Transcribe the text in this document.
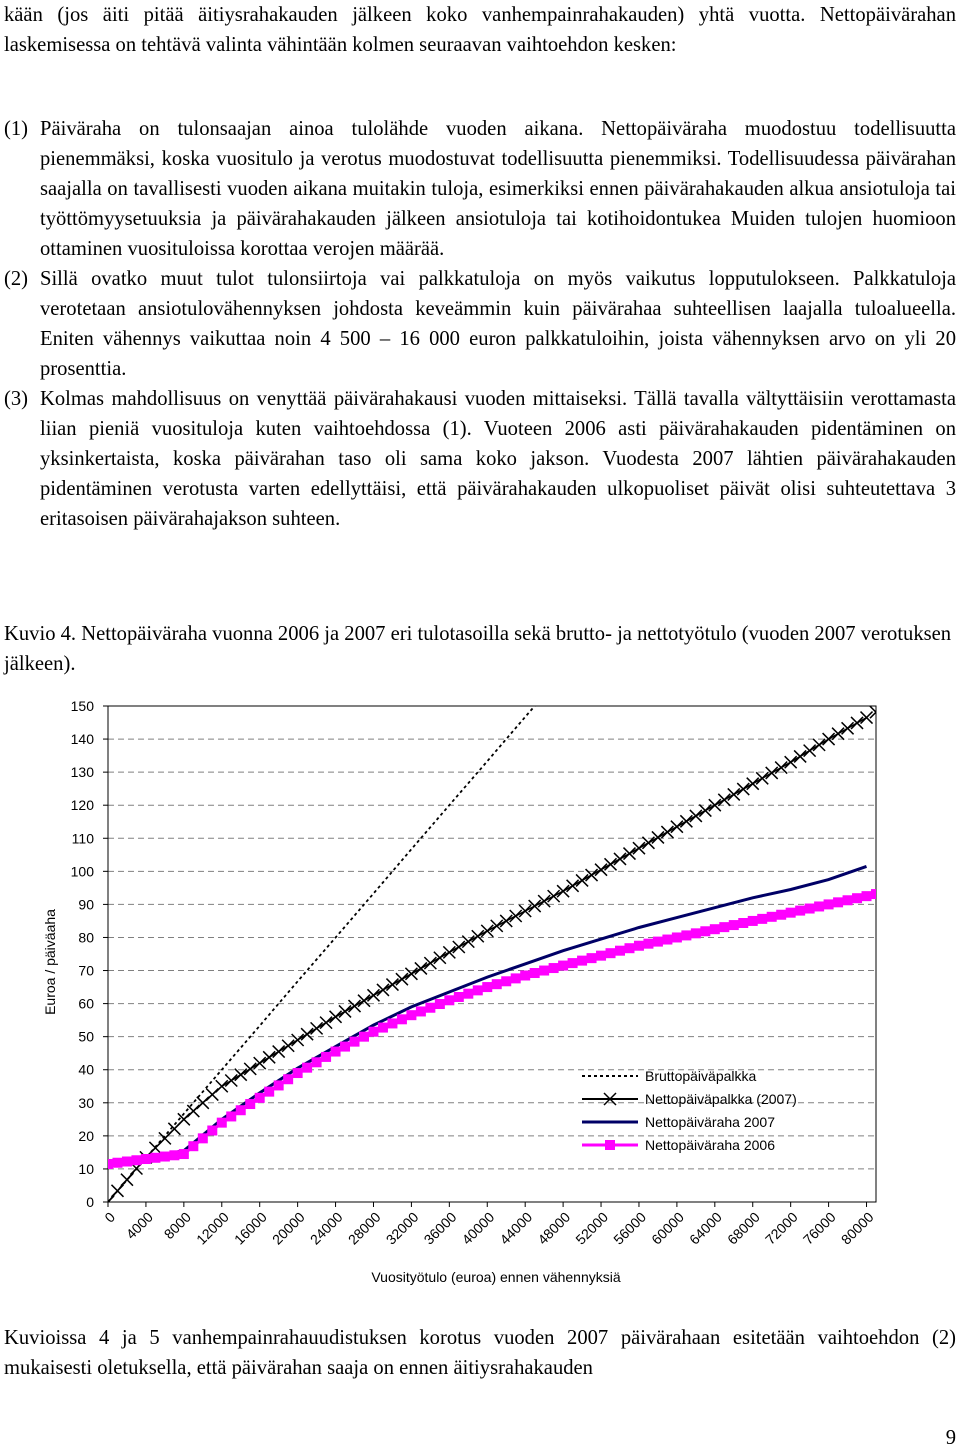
kään (jos äiti pitää äitiysrahakauden jälkeen koko vanhempainrahakauden) yhtä vuotta. Nettopäivärahan laskemisessa on tehtävä valinta vähintään kolmen seuraavan vaihtoehdon kesken:

(1) Päiväraha on tulonsaajan ainoa tulolähde vuoden aikana. Nettopäiväraha muodostuu todellisuutta pienemmäksi, koska vuositulo ja verotus muodostuvat todellisuutta pienemmiksi. Todellisuudessa päivärahan saajalla on tavallisesti vuoden aikana muitakin tuloja, esimerkiksi ennen päivärahakauden alkua ansiotuloja tai työttömyysetuuksia ja päivärahakauden jälkeen ansiotuloja tai kotihoidontukea Muiden tulojen huomioon ottaminen vuosituloissa korottaa verojen määrää.
(2) Sillä ovatko muut tulot tulonsiirtoja vai palkkatuloja on myös vaikutus lopputulokseen. Palkkatuloja verotetaan ansiotulovähennyksen johdosta keveämmin kuin päivärahaa suhteellisen laajalla tuloalueella. Eniten vähennys vaikuttaa noin 4 500 – 16 000 euron palkkatuloihin, joista vähennyksen arvo on yli 20 prosenttia.
(3) Kolmas mahdollisuus on venyttää päivärahakausi vuoden mittaiseksi. Tällä tavalla vältyttäisiin verottamasta liian pieniä vuosituloja kuten vaihtoehdossa (1). Vuoteen 2006 asti päivärahakauden pidentäminen on yksinkertaista, koska päivärahan taso oli sama koko jakson. Vuodesta 2007 lähtien päivärahakauden pidentäminen verotusta varten edellyttäisi, että päivärahakauden ulkopuoliset päivät olisi suhteutettava 3 eritasoisen päivärahajakson suhteen.

Kuvio 4. Nettopäiväraha vuonna 2006 ja 2007 eri tulotasoilla sekä brutto- ja nettotyötulo (vuoden 2007 verotuksen jälkeen).

0
10
20
30
40
50
60
70
80
90
100
110
120
130
140
150
0 4000 8000 12000 16000 20000 24000 28000 32000 36000 40000 44000 48000 52000 56000 60000 64000 68000 72000 76000 80000
Vuosityötulo (euroa) ennen vähennyksiä
Euroa / päiväaha
Bruttopäiväpalkka
Nettopäiväpalkka (2007)
Nettopäiväraha 2007
Nettopäiväraha 2006

Kuvioissa 4 ja 5 vanhempainrahauudistuksen korotus vuoden 2007 päivärahaan esitetään vaihtoehdon (2) mukaisesti oletuksella, että päivärahan saaja on ennen äitiysrahakauden

9
